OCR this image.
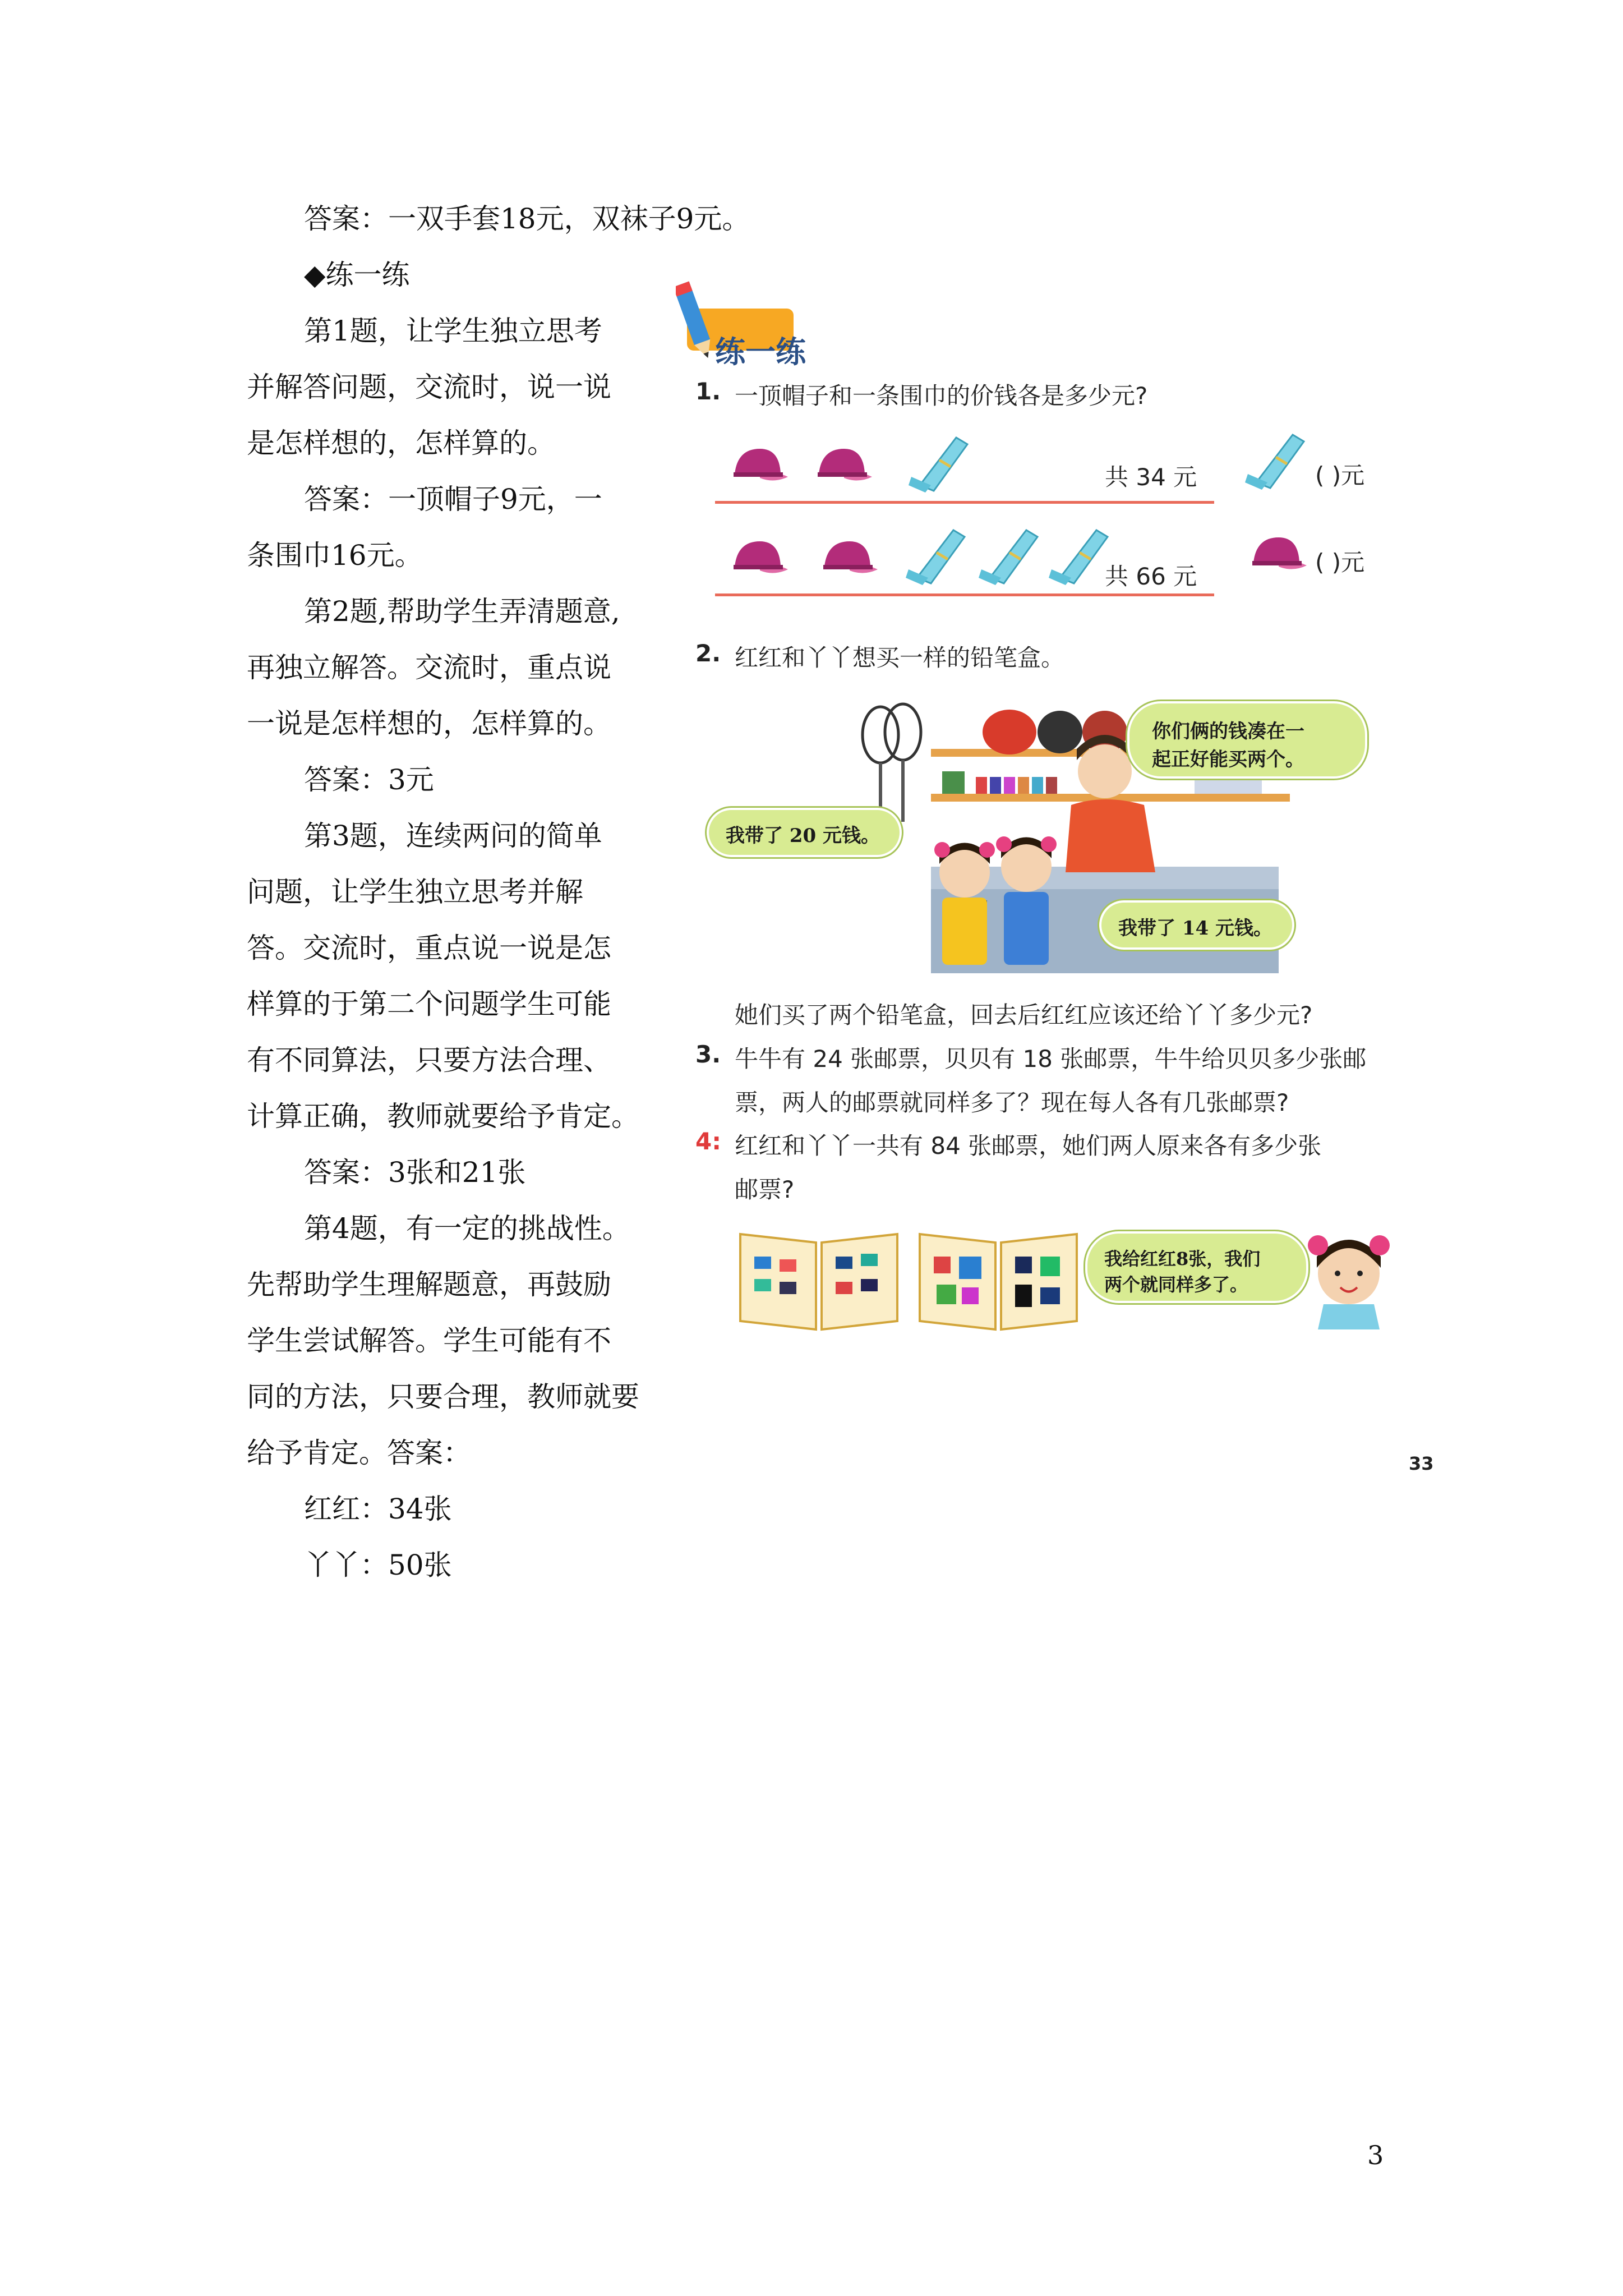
答案：一双手套18元，双袜子9元。
◆练一练
第1题，让学生独立思考
并解答问题，交流时，说一说
是怎样想的，怎样算的。
答案：一顶帽子9元，一
条围巾16元。
第2题,帮助学生弄清题意,
再独立解答。交流时，重点说
一说是怎样想的，怎样算的。
答案：3元
第3题，连续两问的简单
问题，让学生独立思考并解
答。交流时，重点说一说是怎
样算的于第二个问题学生可能
有不同算法，只要方法合理、
计算正确，教师就要给予肯定。
答案：3张和21张
第4题，有一定的挑战性。
先帮助学生理解题意，再鼓励
学生尝试解答。学生可能有不
同的方法，只要合理，教师就要
给予肯定。答案：
红红：34张
丫丫：50张
练一练
1. 一顶帽子和一条围巾的价钱各是多少元?
共 34 元	( )元
共 66 元
( )元
2. 红红和丫丫想买一样的铅笔盒。
你们俩的钱凑在一
起正好能买两个。
我带了 20 元钱。
我带了 14 元钱。
她们买了两个铅笔盒，回去后红红应该还给丫丫多少元?
3. 牛牛有 24 张邮票，贝贝有 18 张邮票，牛牛给贝贝多少张邮
票，两人的邮票就同样多了？现在每人各有几张邮票?
4: 红红和丫丫一共有 84 张邮票，她们两人原来各有多少张
邮票?
我给红红8张，我们
两个就同样多了。
33
3
